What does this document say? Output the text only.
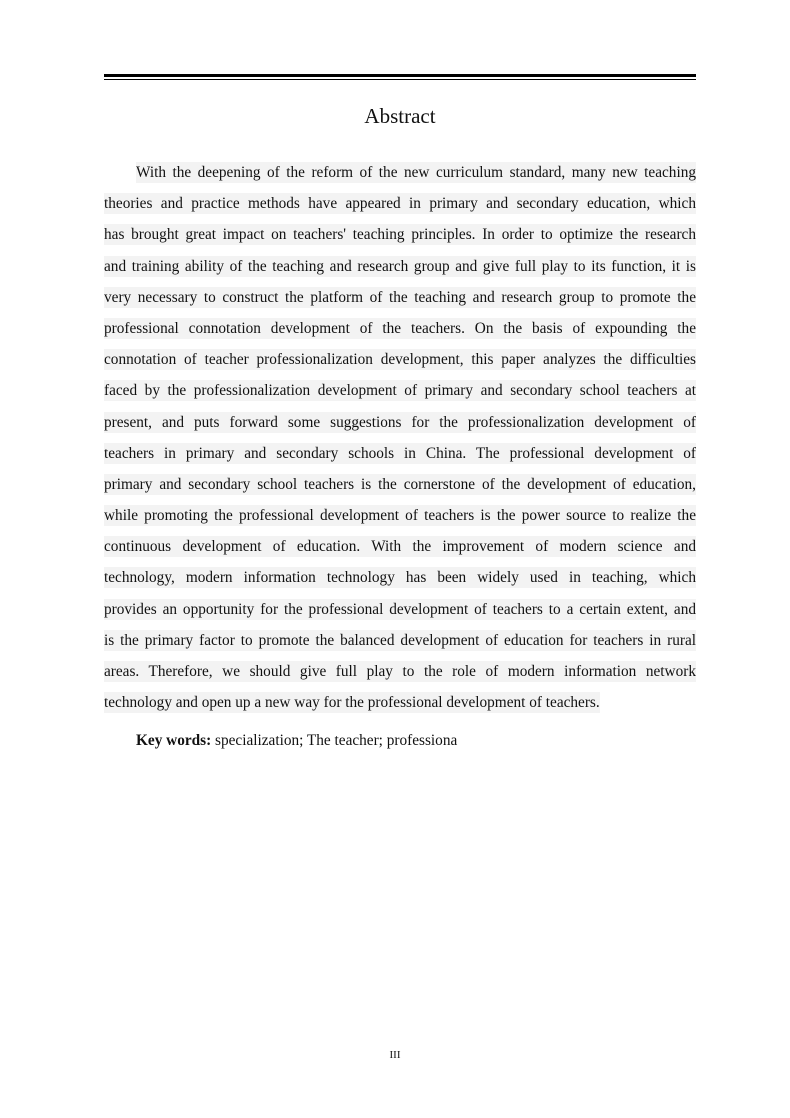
Abstract
With the deepening of the reform of the new curriculum standard, many new teaching
theories and practice methods have appeared in primary and secondary education, which
has brought great impact on teachers' teaching principles. In order to optimize the research
and training ability of the teaching and research group and give full play to its function, it is
very necessary to construct the platform of the teaching and research group to promote the
professional connotation development of the teachers. On the basis of expounding the
connotation of teacher professionalization development, this paper analyzes the difficulties
faced by the professionalization development of primary and secondary school teachers at
present, and puts forward some suggestions for the professionalization development of
teachers in primary and secondary schools in China. The professional development of
primary and secondary school teachers is the cornerstone of the development of education,
while promoting the professional development of teachers is the power source to realize the
continuous development of education. With the improvement of modern science and
technology, modern information technology has been widely used in teaching, which
provides an opportunity for the professional development of teachers to a certain extent, and
is the primary factor to promote the balanced development of education for teachers in rural
areas. Therefore, we should give full play to the role of modern information network
technology and open up a new way for the professional development of teachers.
Key words: specialization; The teacher; professiona
III
